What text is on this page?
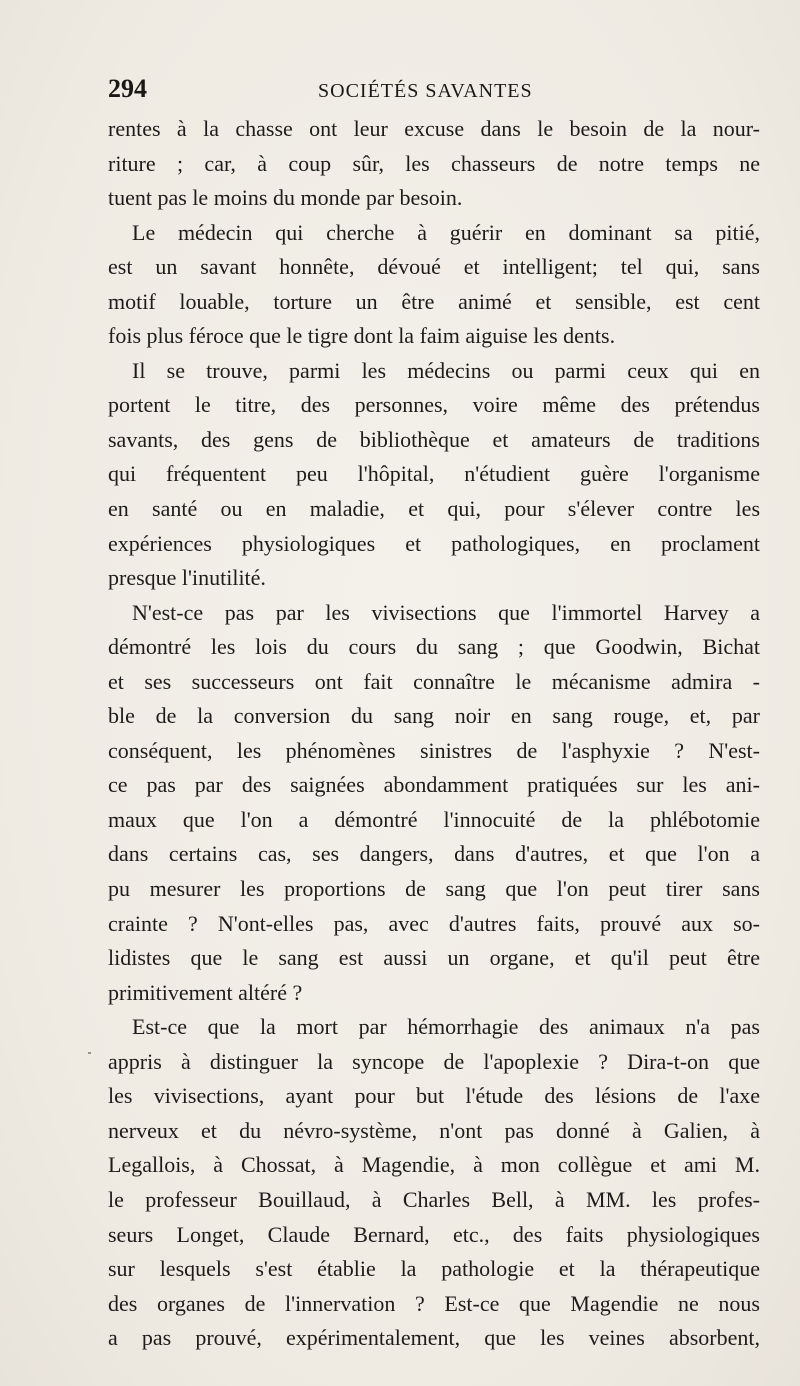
294	SOCIÉTÉS SAVANTES
rentes à la chasse ont leur excuse dans le besoin de la nour-
riture ; car, à coup sûr, les chasseurs de notre temps ne
tuent pas le moins du monde par besoin.
Le médecin qui cherche à guérir en dominant sa pitié,
est un savant honnête, dévoué et intelligent; tel qui, sans
motif louable, torture un être animé et sensible, est cent
fois plus féroce que le tigre dont la faim aiguise les dents.
Il se trouve, parmi les médecins ou parmi ceux qui en
portent le titre, des personnes, voire même des prétendus
savants, des gens de bibliothèque et amateurs de traditions
qui fréquentent peu l'hôpital, n'étudient guère l'organisme
en santé ou en maladie, et qui, pour s'élever contre les
expériences physiologiques et pathologiques, en proclament
presque l'inutilité.
N'est-ce pas par les vivisections que l'immortel Harvey a
démontré les lois du cours du sang ; que Goodwin, Bichat
et ses successeurs ont fait connaître le mécanisme admira -
ble de la conversion du sang noir en sang rouge, et, par
conséquent, les phénomènes sinistres de l'asphyxie ? N'est-
ce pas par des saignées abondamment pratiquées sur les ani-
maux que l'on a démontré l'innocuité de la phlébotomie
dans certains cas, ses dangers, dans d'autres, et que l'on a
pu mesurer les proportions de sang que l'on peut tirer sans
crainte ? N'ont-elles pas, avec d'autres faits, prouvé aux so-
lidistes que le sang est aussi un organe, et qu'il peut être
primitivement altéré ?
Est-ce que la mort par hémorrhagie des animaux n'a pas
appris à distinguer la syncope de l'apoplexie ? Dira-t-on que
les vivisections, ayant pour but l'étude des lésions de l'axe
nerveux et du névro-système, n'ont pas donné à Galien, à
Legallois, à Chossat, à Magendie, à mon collègue et ami M.
le professeur Bouillaud, à Charles Bell, à MM. les profes-
seurs Longet, Claude Bernard, etc., des faits physiologiques
sur lesquels s'est établie la pathologie et la thérapeutique
des organes de l'innervation ? Est-ce que Magendie ne nous
a pas prouvé, expérimentalement, que les veines absorbent,
